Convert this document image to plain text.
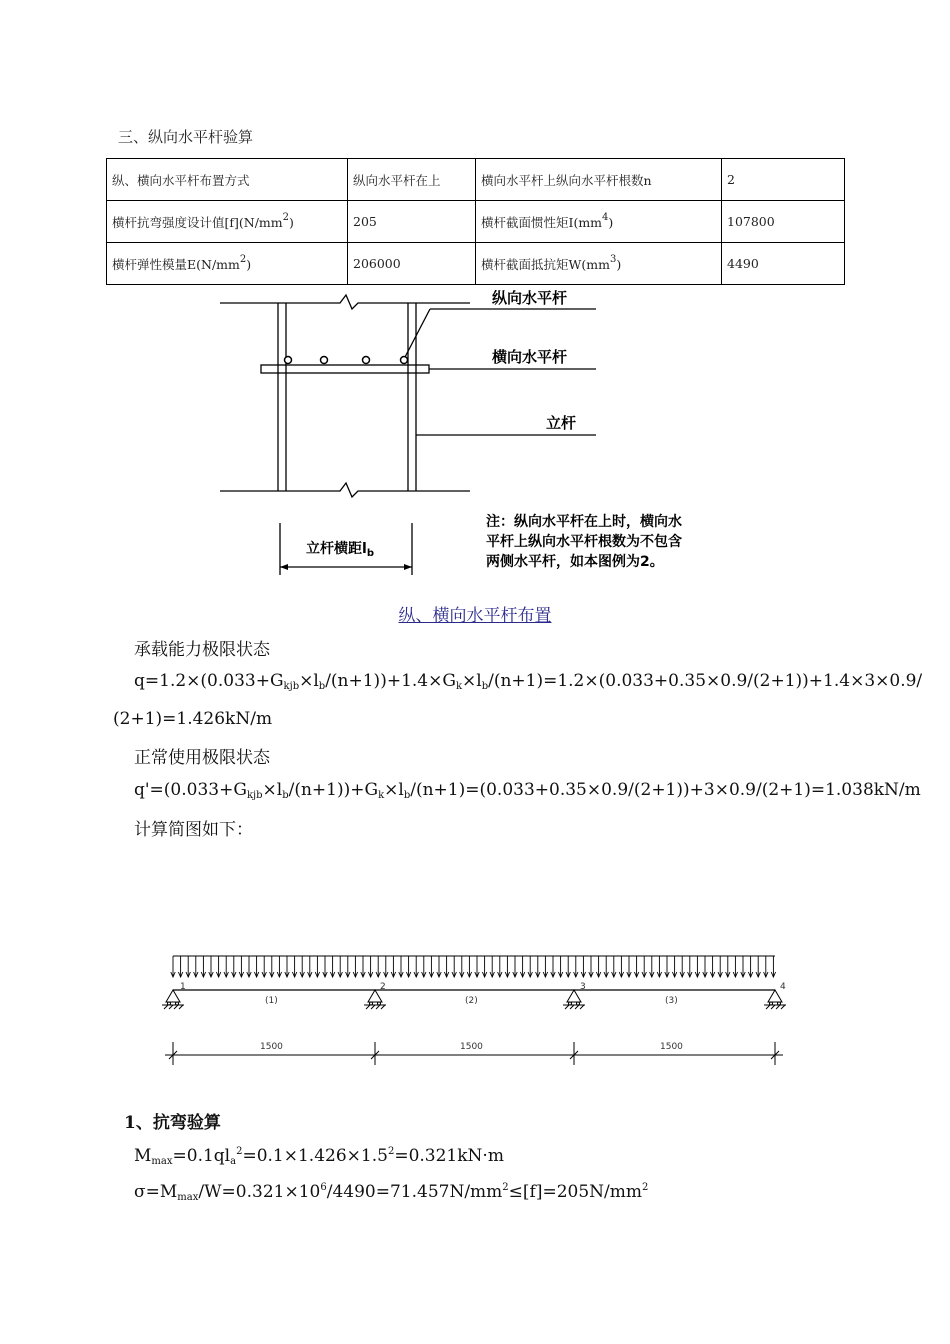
三、纵向水平杆验算
纵、横向水平杆布置方式	纵向水平杆在上	横向水平杆上纵向水平杆根数n	2
横杆抗弯强度设计值$[f](N/mm^2)$	205	横杆截面惯性矩$I(mm^4)$	107800
横杆弹性模量$E(N/mm^2)$	206000	横杆截面抵抗矩$W(mm^3)$	4490
纵向水平杆
横向水平杆
立杆
立杆横距$l_b$
注：纵向水平杆在上时，横向水
平杆上纵向水平杆根数为不包含
两侧水平杆，如本图例为2。
纵、横向水平杆布置
承载能力极限状态
$q=1.2\times(0.033+G_{kjb}\times l_b/(n+1))+1.4\times G_k\times l_b/(n+1)=1.2\times(0.033+0.35\times 0.9/(2+1))+1.4\times 3\times 0.9/$
(2+1)=1.426kN/m
正常使用极限状态
$q'=(0.033+G_{kjb}\times l_b/(n+1))+G_k\times l_b/(n+1)=(0.033+0.35\times 0.9/(2+1))+3\times 0.9/(2+1)=1.038kN/m$
计算简图如下：
1	2	3	4
(1)	(2)	(3)
1500	1500	1500
1、抗弯验算
$M_{max}=0.1ql_a^2=0.1\times 1.426\times 1.5^2=0.321kN\cdot m$
$\sigma=M_{max}/W=0.321\times 10^6/4490=71.457N/mm^2\le[f]=205N/mm^2$
